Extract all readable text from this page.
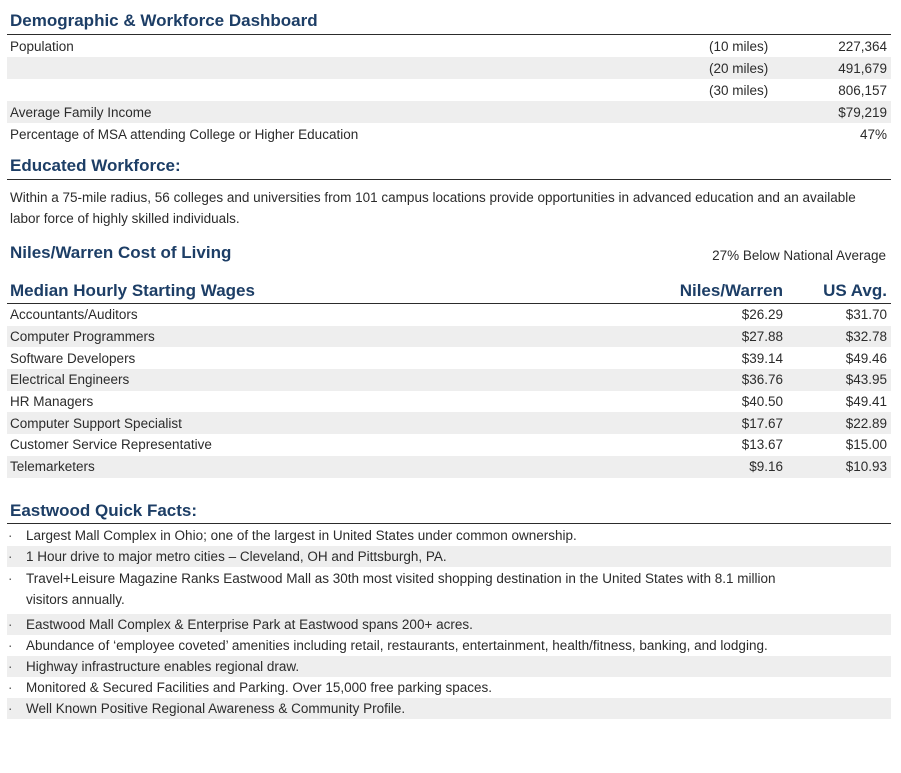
Demographic & Workforce Dashboard
Population	(10 miles)	227,364
(20 miles)	491,679
(30 miles)	806,157
Average Family Income	$79,219
Percentage of MSA attending College or Higher Education	47%
Educated Workforce:
Within a 75-mile radius, 56 colleges and universities from 101 campus locations provide opportunities in advanced education and an available labor force of highly skilled individuals.
Niles/Warren Cost of Living	27% Below National Average
Median Hourly Starting Wages	Niles/Warren	US Avg.
Accountants/Auditors	$26.29	$31.70
Computer Programmers	$27.88	$32.78
Software Developers	$39.14	$49.46
Electrical Engineers	$36.76	$43.95
HR Managers	$40.50	$49.41
Computer Support Specialist	$17.67	$22.89
Customer Service Representative	$13.67	$15.00
Telemarketers	$9.16	$10.93
Eastwood Quick Facts:
·	Largest Mall Complex in Ohio; one of the largest in United States under common ownership.
·	1 Hour drive to major metro cities – Cleveland, OH and Pittsburgh, PA.
·	Travel+Leisure Magazine Ranks Eastwood Mall as 30th most visited shopping destination in the United States with 8.1 million visitors annually.
·	Eastwood Mall Complex & Enterprise Park at Eastwood spans 200+ acres.
·	Abundance of ‘employee coveted’ amenities including retail, restaurants, entertainment, health/fitness, banking, and lodging.
·	Highway infrastructure enables regional draw.
·	Monitored & Secured Facilities and Parking. Over 15,000 free parking spaces.
·	Well Known Positive Regional Awareness & Community Profile.
